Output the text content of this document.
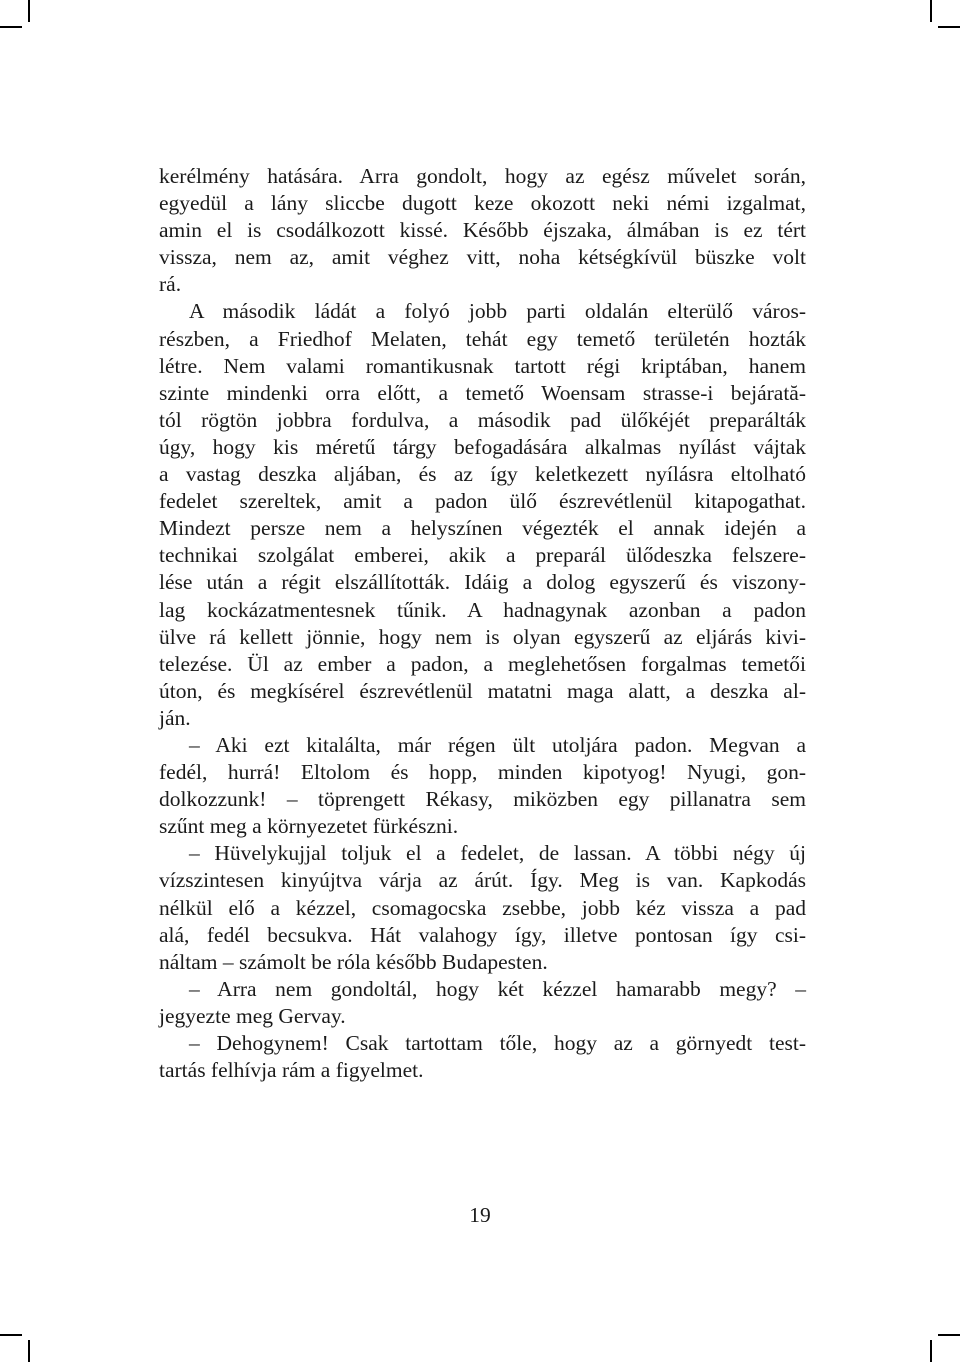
kerélmény hatására. Arra gondolt, hogy az egész művelet során,
egyedül a lány sliccbe dugott keze okozott neki némi izgalmat,
amin el is csodálkozott kissé. Később éjszaka, álmában is ez tért
vissza, nem az, amit véghez vitt, noha kétségkívül büszke volt
rá.
A második ládát a folyó jobb parti oldalán elterülő város-
részben, a Friedhof Melaten, tehát egy temető területén hozták
létre. Nem valami romantikusnak tartott régi kriptában, hanem
szinte mindenki orra előtt, a temető Woensam strasse-i bejárată-
tól rögtön jobbra fordulva, a második pad ülőkéjét preparálták
úgy, hogy kis méretű tárgy befogadására alkalmas nyílást vájtak
a vastag deszka aljában, és az így keletkezett nyílásra eltolható
fedelet szereltek, amit a padon ülő észrevétlenül kitapogathat.
Mindezt persze nem a helyszínen végezték el annak idején a
technikai szolgálat emberei, akik a preparál ülődeszka felszere-
lése után a régit elszállították. Idáig a dolog egyszerű és viszony-
lag kockázatmentesnek tűnik. A hadnagynak azonban a padon
ülve rá kellett jönnie, hogy nem is olyan egyszerű az eljárás kivi-
telezése. Ül az ember a padon, a meglehetősen forgalmas temetői
úton, és megkísérel észrevétlenül matatni maga alatt, a deszka al-
ján.
– Aki ezt kitalálta, már régen ült utoljára padon. Megvan a
fedél, hurrá! Eltolom és hopp, minden kipotyog! Nyugi, gon-
dolkozzunk! – töprengett Rékasy, miközben egy pillanatra sem
szűnt meg a környezetet fürkészni.
– Hüvelykujjal toljuk el a fedelet, de lassan. A többi négy új
vízszintesen kinyújtva várja az árút. Így. Meg is van. Kapkodás
nélkül elő a kézzel, csomagocska zsebbe, jobb kéz vissza a pad
alá, fedél becsukva. Hát valahogy így, illetve pontosan így csi-
náltam – számolt be róla később Budapesten.
– Arra nem gondoltál, hogy két kézzel hamarabb megy? –
jegyezte meg Gervay.
– Dehogynem! Csak tartottam tőle, hogy az a görnyedt test-
tartás felhívja rám a figyelmet.
19
